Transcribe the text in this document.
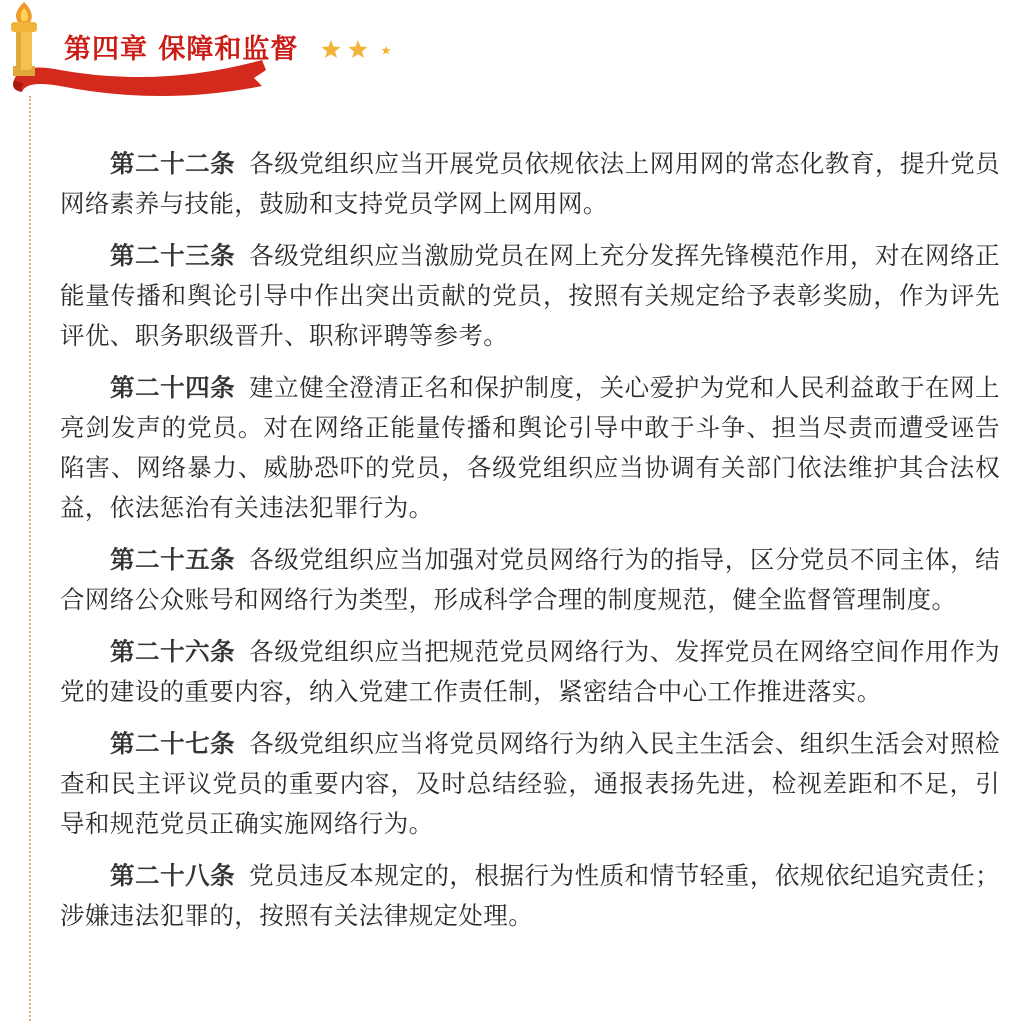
第四章 保障和监督

第二十二条 各级党组织应当开展党员依规依法上网用网的常态化教育，提升党员网络素养与技能，鼓励和支持党员学网上网用网。

第二十三条 各级党组织应当激励党员在网上充分发挥先锋模范作用，对在网络正能量传播和舆论引导中作出突出贡献的党员，按照有关规定给予表彰奖励，作为评先评优、职务职级晋升、职称评聘等参考。

第二十四条 建立健全澄清正名和保护制度，关心爱护为党和人民利益敢于在网上亮剑发声的党员。对在网络正能量传播和舆论引导中敢于斗争、担当尽责而遭受诬告陷害、网络暴力、威胁恐吓的党员，各级党组织应当协调有关部门依法维护其合法权益，依法惩治有关违法犯罪行为。

第二十五条 各级党组织应当加强对党员网络行为的指导，区分党员不同主体，结合网络公众账号和网络行为类型，形成科学合理的制度规范，健全监督管理制度。

第二十六条 各级党组织应当把规范党员网络行为、发挥党员在网络空间作用作为党的建设的重要内容，纳入党建工作责任制，紧密结合中心工作推进落实。

第二十七条 各级党组织应当将党员网络行为纳入民主生活会、组织生活会对照检查和民主评议党员的重要内容，及时总结经验，通报表扬先进，检视差距和不足，引导和规范党员正确实施网络行为。

第二十八条 党员违反本规定的，根据行为性质和情节轻重，依规依纪追究责任；涉嫌违法犯罪的，按照有关法律规定处理。
